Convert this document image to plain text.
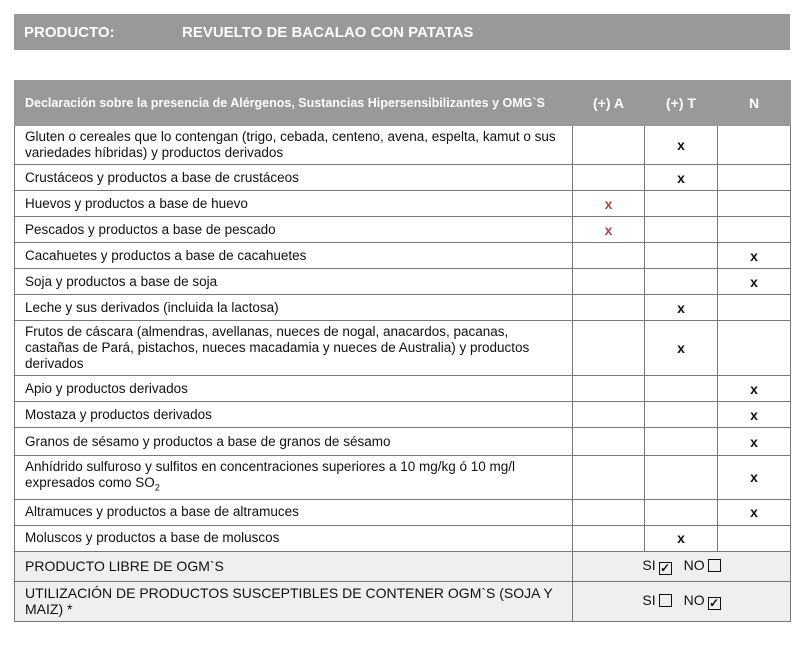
PRODUCTO:	REVUELTO DE BACALAO CON PATATAS
Declaración sobre la presencia de Alérgenos, Sustancias Hipersensibilizantes y OMG`S	(+) A	(+) T	N
Gluten o cereales que lo contengan (trigo, cebada, centeno, avena, espelta, kamut o sus variedades híbridas) y productos derivados		x	
Crustáceos y productos a base de crustáceos		x	
Huevos y productos a base de huevo	x		
Pescados y productos a base de pescado	x		
Cacahuetes y productos a base de cacahuetes			x
Soja y productos a base de soja			x
Leche y sus derivados (incluida la lactosa)		x	
Frutos de cáscara (almendras, avellanas, nueces de nogal, anacardos, pacanas, castañas de Pará, pistachos, nueces macadamia y nueces de Australia) y productos derivados		x	
Apio y productos derivados			x
Mostaza y productos derivados			x
Granos de sésamo y productos a base de granos de sésamo			x
Anhídrido sulfuroso y sulfitos en concentraciones superiores a 10 mg/kg ó 10 mg/l expresados como $SO_2$			x
Altramuces y productos a base de altramuces			x
Moluscos y productos a base de moluscos		x	
PRODUCTO LIBRE DE OGM`S	SI ✓ NO		
UTILIZACIÓN DE PRODUCTOS SUSCEPTIBLES DE CONTENER OGM`S (SOJA Y MAIZ) *	SI NO ✓		
